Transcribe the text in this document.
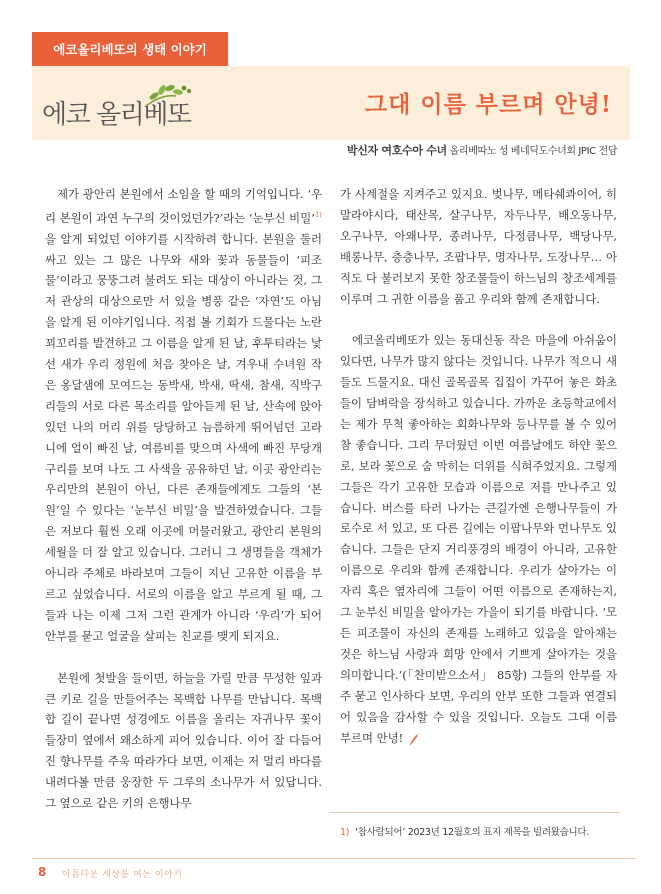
에코올리베또의 생태 이야기
에코 올리베또	그대 이름 부르며 안녕!
박신자 여호수아 수녀 올리베따노 성 베네딕도수녀회 JPIC 전담

제가 광안리 본원에서 소임을 할 때의 기억입니다. ‘우리 본원이 과연 누구의 것이었던가?’라는 ‘눈부신 비밀’$^{1)}$을 알게 되었던 이야기를 시작하려 합니다. 본원을 둘러싸고 있는 그 많은 나무와 새와 꽃과 동물들이 ‘피조물’이라고 뭉뚱그려 불려도 되는 대상이 아니라는 것, 그저 관상의 대상으로만 서 있을 병풍 같은 ‘자연’도 아님을 알게 된 이야기입니다. 직접 볼 기회가 드물다는 노란 꾀꼬리를 발견하고 그 이름을 알게 된 날, 후투티라는 낯선 새가 우리 정원에 처음 찾아온 날, 겨우내 수녀원 작은 옹달샘에 모여드는 동박새, 박새, 딱새, 참새, 직박구리들의 서로 다른 목소리를 알아듣게 된 날, 산속에 앉아 있던 나의 머리 위를 당당하고 늠름하게 뛰어넘던 고라니에 얼이 빠진 날, 여름비를 맞으며 사색에 빠진 무당개구리를 보며 나도 그 사색을 공유하던 날, 이곳 광안리는 우리만의 본원이 아닌, 다른 존재들에게도 그들의 ‘본원’일 수 있다는 ‘눈부신 비밀’을 발견하였습니다. 그들은 저보다 훨씬 오래 이곳에 머물러왔고, 광안리 본원의 세월을 더 잘 알고 있습니다. 그러니 그 생명들을 객체가 아니라 주체로 바라보며 그들이 지닌 고유한 이름을 부르고 싶었습니다. 서로의 이름을 알고 부르게 될 때, 그들과 나는 이제 그저 그런 관계가 아니라 ‘우리’가 되어 안부를 묻고 얼굴을 살피는 친교를 맺게 되지요.

본원에 첫발을 들이면, 하늘을 가릴 만큼 무성한 잎과 큰 키로 길을 만들어주는 목백합 나무를 만납니다. 목백합 길이 끝나면 성경에도 이름을 올리는 자귀나무 꽃이 들장미 옆에서 왜소하게 피어 있습니다. 이어 잘 다듬어진 향나무를 주욱 따라가다 보면, 이제는 저 멀리 바다를 내려다볼 만큼 웅장한 두 그루의 소나무가 서 있답니다. 그 옆으로 같은 키의 은행나무

가 사계절을 지켜주고 있지요. 벚나무, 메타쉐콰이어, 히말라야시다, 태산목, 살구나무, 자두나무, 배오동나무, 오구나무, 아왜나무, 종려나무, 다정큼나무, 백당나무, 배롱나무, 층층나무, 조팝나무, 명자나무, 도장나무… 아직도 다 불러보지 못한 창조물들이 하느님의 창조세계를 이루며 그 귀한 이름을 품고 우리와 함께 존재합니다.

에코올리베또가 있는 동대신동 작은 마을에 아쉬움이 있다면, 나무가 많지 않다는 것입니다. 나무가 적으니 새들도 드물지요. 대신 골목골목 집집이 가꾸어 놓은 화초들이 담벼락을 장식하고 있습니다. 가까운 초등학교에서는 제가 무척 좋아하는 회화나무와 등나무를 볼 수 있어 참 좋습니다. 그리 무더웠던 이번 여름날에도 하얀 꽃으로, 보라 꽃으로 숨 막히는 더위를 식혀주었지요. 그렇게 그들은 각기 고유한 모습과 이름으로 저를 만나주고 있습니다. 버스를 타러 나가는 큰길가엔 은행나무들이 가로수로 서 있고, 또 다른 길에는 이팝나무와 먼나무도 있습니다. 그들은 단지 거리풍경의 배경이 아니라, 고유한 이름으로 우리와 함께 존재합니다. 우리가 살아가는 이 자리 혹은 옆자리에 그들이 어떤 이름으로 존재하는지, 그 눈부신 비밀을 알아가는 가을이 되기를 바랍니다. ‘모든 피조물이 자신의 존재를 노래하고 있음을 알아채는 것은 하느님 사랑과 희망 안에서 기쁘게 살아가는 것을 의미합니다.’(「찬미받으소서」 85항) 그들의 안부를 자주 묻고 인사하다 보면, 우리의 안부 또한 그들과 연결되어 있음을 감사할 수 있을 것입니다. 오늘도 그대 이름 부르며 안녕!

1) ‘참사람되어’ 2023년 12월호의 표지 제목을 빌려왔습니다.
8 아름다운 세상을 여는 이야기
